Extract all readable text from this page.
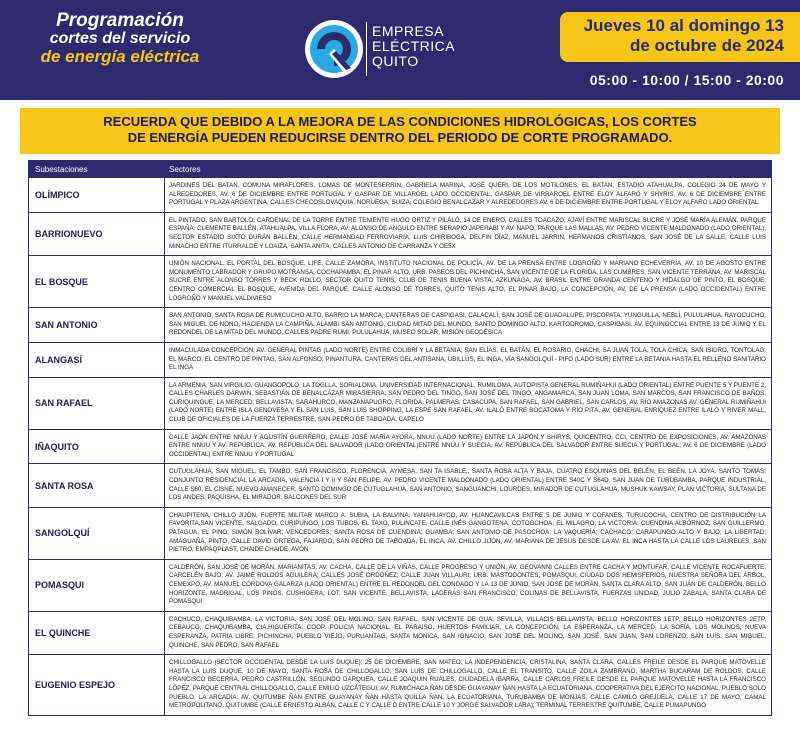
Programación
cortes del servicio
de energía eléctrica
EMPRESA
ELÉCTRICA
QUITO
Jueves 10 al domingo 13
de octubre de 2024
05:00 - 10:00 / 15:00 - 20:00
RECUERDA QUE DEBIDO A LA MEJORA DE LAS CONDICIONES HIDROLÓGICAS, LOS CORTES
DE ENERGÍA PUEDEN REDUCIRSE DENTRO DEL PERIODO DE CORTE PROGRAMADO.
Subestaciones	Sectores
OLÍMPICO
JARDINES DEL BATAN, COMUNA MIRAFLORES, LOMAS DE MONTESERRIN, GABRIELA MARINA, JOSÉ QUERI, DE LOS MOTILONES, EL BATAN, ESTADIO ATAHUALPA, COLEGIO 24 DE MAYO Y ALREDEDORES, AV. 6 DE DICIEMBRE ENTRE PORTUGAL Y GASPAR DE VILLAROEL LADO OCCIDENTAL, GASPAR DE VIRRAROEL ENTRE ELOY ALFARO Y SHYRIS, AV. 6 DE DICIEMBRE ENTRE PORTUGAL Y PLAZA ARGENTINA, CALLES CHECOSLOVAQUIA, NORUEGA, SUIZA, COLEGIO BENALCAZAR Y ALREDEDORES AV. 6 DE DICIEMBRE ENTRE PORTUGAL Y ELOY ALFARO LADO ORIENTAL
BARRIONUEVO
EL PINTADO, SAN BARTOLO, CARDENAL DE LA TORRE ENTRE TENIENTE HUGO ORTIZ Y PILALÓ, 14 DE ENERO, CALLES TOACAZO, AJAVÍ ENTRE MARISCAL SUCRE Y JOSÉ MARÍA ALEMÁN, PARQUE ESPAÑA, CLEMENTE BALLÉN, ATAHUALPA, VILLA FLORA, AV. ALONSO DE ANGULO ENTRE SERAPIO JAPERABI Y AV. NAPO, PARQUE LAS MALLAS, AV. PEDRO VICENTE MALDONADO (LADO ORIENTAL), SECTOR ESTADIO SIXTO DURÁN BALLÉN, CALLE HERMANDAD FERROVIARIA, LUIS CHIRIBOGA, DELFIN DÍAZ, MANUEL JARRIN, HERMANOS CRISTIANOS, SAN JOSÉ DE LA SALLE, CALLE LUIS MINACHO ENTRE ITURRALDE Y LOAIZA, SANTA ANITA, CALLES ANTONIO DE CARRANZA Y OE5X
EL BOSQUE
UNIÓN NACIONAL, EL PORTAL DEL BOSQUE, LIFE, CALLE ZAMORA, INSTITUTO NACIONAL DE POLICÍA, AV. DE LA PRENSA ENTRE LOGROÑO Y MARIANO ECHEVERRÍA, AV. 10 DE AGOSTO ENTRE MONUMENTO LABRADOR Y GRUPO MOTRANSA, COCHAPAMBA, EL PINAR ALTO, URB. PASEOS DEL PICHINCHA, SAN VICENTE DE LA FLORIDA, LAS CUMBRES, SAN VICENTE TERRANA, AV. MARISCAL SUCRE ENTRE ALONSO TORRES Y BECK ROLLO, SECTOR QUITO TENIS, CLUB DE TENIS BUENA VISTA, AZKUNAGA, AV. BRASIL ENTRE GRANDA CENTENO Y HIDALGO DE PINTO, EL BOSQUE, CENTRO COMERCIAL EL BOSQUE, AVENIDA DEL PARQUE, CALLE ALONSO DE TORRES, QUITO TENIS ALTO, EL PINAR BAJO, LA CONCEPCIÓN, AV. DE LA PRENSA (LADO OCCIDENTAL) ENTRE LOGROÑO Y MANUEL VALDIVIESO
SAN ANTONIO
SAN ANTONIO, SANTA ROSA DE RUMICUCHO ALTO, BARRIO LA MARCA, CANTERAS DE CASPIGASI, CALACALÍ, SAN JOSÉ DE GUADALUPE, PISCOPATA, YUNGUILLA, NEBLÍ, PULULAHUA, RAYOCUCHO, SAN MIGUEL DE NONO, HACIENDA LA CAMPIÑA, ALAMBI SAN ANTONIO, CIUDAD MITAD DEL MUNDO, SANTO DOMINGO ALTO, KARTODROMO, CASPIGASI, AV. EQUINOCCIAL ENTRE 13 DE JUNIO Y EL REDONDEL DE LA MITAD DEL MUNDO, CALLES PADRE RUMI, PULULAHUA, MUSEO SOLAR, MISIÓN GEODÉSICA
ALANGASÍ
INMACULADA CONCEPCIÓN, AV. GENERAL PINTAG (LADO NORTE) ENTRE COLIBRÍ Y LA BETANIA, SAN ELÍAS, EL BATÁN, EL ROSARIO, CHACHI, SA JUAN TOLA, TOLA CHICA, SAN ISIDRO, TONTOLAG, EL MARCO, EL CENTRO DE PINTAG, SAN ALFONSO, PINANTURA, CANTERAS DEL ANTISANA, UBILLÚS, EL INGA, VÍA SANGOLQUÍ - PIFO (LADO SUR) ENTRE LA BETANIA HASTA EL RELLENO SANITARIO EL INGA
SAN RAFAEL
LA ARMENIA, SAN VIRGILIO, GUANGOPOLO, LA TOGLLA, SORIALOMA, UNIVERSIDAD INTERNACIONAL, RUMILOMA, AUTOPISTA GENERAL RUMIÑAHUI (LADO ORIENTAL) ENTRE PUENTE 5 Y PUENTE 2, CALLES CHARLES DARWIN, SEBASTIÁN DE BENALCÁZAR MIRASIERRA, SAN PEDRO DEL TINGO, SAN JOSÉ DEL TINGO, ANGAMARCA, SAN JUAN LOMA, SAN MARCOS, SAN FRANCISCO DE BAÑOS, CURIQUINGUE, LA MERCED, BELLAVISTA, SARAHURCO, MANZANAPUGRO, FLORIDA, PALMERAS, CASACUPA, SAN RAFAEL, SAN GABRIEL, SAN CARLOS, AV. RÍO AMAZONAS AV. GENERAL RUMIÑAHUI (LADO NORTE) ENTRE ISLA GENOVESA Y EL SAN LUIS, SAN LUIS SHOPPING, LA ESPE SAN RAFAEL, AV. ILALÓ ENTRE BOCATOMA Y RÍO PITA, AV. GENERAL ENRÍQUEZ ENTRE ILALÓ Y RIVER MALL, CLUB DE OFICIALES DE LA FUERZA TERRESTRE, SAN PEDRO DE TABOADA, CAPELO
IÑAQUITO
CALLE JAÓN ENTRE NNUU Y AGUSTÍN GUERRERO, CALLE JOSÉ MARÍA AYORA, NNUU (LADO NORTE) ENTRE LA JAPÓN Y SHIRYS, QUICENTRO, CCI, CENTRO DE EXPOSICIONES, AV. AMAZONAS ENTRE NNUU Y AV. REPÚBLICA, AV. REPÚBLICA DEL SALVADOR (LADO ORIENTAL)ENTRE NNUU Y SUECIA, AV. REPÚBLICA DEL SALVADOR ENTRE SUECIA Y PORTUGAL, AV. 6 DE DICIEMBRE (LADO OCCIDENTAL) ENTRE NNUU Y PORTUGAL
SANTA ROSA
CUTUGLAHUA, SAN MIGUEL, EL TAMBO, SAN FRANCISCO, FLORENCIA, AYMESA, SAN TA ISABLE,; SANTA ROSA ALTA Y BAJA, CUATRO ESQUINAS DEL BELÉN, EL BEÉN, LA JOYA, SANTO TOMÁS; CONJUNTO RESIDENCIAL LA ARCADIA, VALENCIA I Y II Y SAN FELIPE, AV. PEDRO VICENTE MALDONADO (LADO ORIENTAL) ENTRE S40C Y S64D, SAN JUAN DE TURUBAMBA, PARQUE INDUSTRIAL, CALLE S60, EL CISNE, NUEVO AMANECER, SANTO DOMINGO DE CUTUGLAHUA, SAN ANTONIO, SANGUANCHI, LOURDES, MIRADOR DE CUTUGLAHUA, MUSHUK KAWSAY, PLAN VICTORIA, SULTANA DE LOS ANDES, PAQUISHA, EL MIRADOR, BALCONES DEL SUR
SANGOLQUÍ
CHAUPITENA, CHILLO JIJÓN, FUERTE MILITAR MARCO A. SUBIA, LA BALVINA; YANAHUAYCO, AV. HUANCAVILCAS ENTRE 5 DE JUNIO Y COFANES, TURUCOCHA, CENTRO DE DISTRIBUCIÓN LA FAVORITA,SAN VICENTE, SALGADO, CURIPUNGO, LOS TUBOS, EL TAXO, PULINCATE, CALLE INÉS GANGOTENA, COTOGCHOA; EL MILAGRO; LA VICTORIA; CUENDINA ALBORNOZ; SAN GUILLERMO; PATAGUA; EL PINO; SIMÓN BOLÍVAR; VENCEDORES; SANTA ROSA DE CUENDINA; GUAMBA; SAN ANTONIO DE PASOCHOA; LA VAQUERÍA; CACHACO; CARAPUNGO ALTO Y BAJO; LA LIBERTAD; AMAGUAÑA, PINTO, CALLE DAVID ORTEGA, FAJARDO, SAN PEDRO DE TABOADA, EL INCA, AV. CHILLO JIJÓN, AV. MARIANA DE JESUS DESDE LA AV. EL INCA HASTA LA CALLE LOS LAURELES, SAN PIETRO, EMPAQPLAST, CHAIDE CHAIDE, AVÓN
POMASQUI
CALDERÓN, SAN JOSÉ DE MORÁN, MARIANITAS, AV. CACHA, CALLE DE LA VIÑAS, CALLE PROGRESO Y UNIÓN, AV. GEOVANNI CALLES ENTRE CACHA Y MONTUFAR, CALLE VICENTE ROCAFUERTE, CARCELÉN BAJO; AV. JAIME ROLDÓS AGUILERA; CALLES JOSÉ ORDÓÑEZ; CALLE JUAN VILLAURI; URB. MASTODONTES, POMASQUI, CIUDAD DOS HEMISFERIOS, NUESTRA SEÑORA DEL ÁRBOL, CEMEXPO, AV. MANUEL CÓRDOVA GALARZA (LADO ORIENTAL) ENTRE EL REDONDEL DEL CONDADO Y LA 13 DE JUNIO, SAN JOSÉ DE MORÁN, SANTA CLARA ALTO, SAN JUÁN DE CALDERÓN, BELLO HORIZONTE, MADRIGAL, LOS PINOS, CUSHIGERA, LOT. SAN VICENTE, BELLAVISTA, LADERAS SAN FRANCISCO, COLINAS DE BELLAVISTA, FUERZAS UNIDAD, JULIO ZABALA, SANTA CLARA DE POMASQUI
EL QUINCHE
CACHUCO, CHAQUIBAMBA, LA VICTORIA, SAN JOSÉ DEL MOLINO, SAN RAFAEL, SAN VICENTE DE GUA, SEVILLA, VILLACIS BELLAVISTA, BELLO HORIZONTES 1ETP, BELLO HORIZONTES 2ETP, CEBAUCO, CHAQUIBAMBA, CIA.HIGUERITA, COOP. POLICIA NACIONAL, EL PARAISO, HUERTOS FAMILIAR, LA CONCEPCIÓN, LA ESPERANZA, LA MERCED, LA SOFÍA, LOS MOLINOS, NUEVA ESPERANZA, PATRIA LIBRE, PICHINCHA, PUEBLO VIEJO, PURUANTAG, SANTA MONICA, SAN IGNACIO, SAN JOSÉ DEL MOLINO, SAN JOSÉ, SAN JUAN, SAN LORENZO, SAN LUIS, SAN MIGUEL, QUINCHE, SAN PEDRO, SAN RAFAEL
EUGENIO ESPEJO
CHILLOGALLO (SECTOR OCCIDENTAL DESDE LA LUIS DUQUE); 25 DE DICIEMBRE, SAN MATEO, LA INDEPENDENCIA, CRISTALINA, SANTA CLARA, CALLES FREILE DESDE EL PARQUE MATOVELLE HASTA LA LUIS DUQUE, 10 DE MAYO, SANTA ROSA DE CHILLOGALLO, SAN LUIS DE CHILLOGALLO, CALLE EL TRANSITO, CALLE ZOILA ZAMBRANO, MARTHA BUCARAM DE ROLDOS, CALLE FRANCISCO BECERRA, PEDRO CASTRILLÓN, SEGUNDO DARQUEA, CALLE JOAQUIN RUALES, CIUDADELA IBARRA, CALLE CARLOS FREILE DESDE EL PARQUE MATOVELLE HASTA LA FRANCISCO LÓPEZ, PARQUE CENTRAL CHILLOGALLO, CALLE EMILIO UZCÁTEGUI, AV. RUMICHACA ÑAN DESDE GUAYANAY ÑAN HASTA LA ECUATORIANA, COOPERATIVA DEL EJÉRCITO NACIONAL, PUEBLO SOLO PUEBLO, LA ARCADIA, AV. QUITUMBE ÑAN ENTRE GUAYANAY ÑAN HASTA QUILLA ÑAN, LA ECUATORIANA, TURUBAMBA DE MONJAS, CALLE CAMILO OREJUELA, CALLE 17 DE MAYO, CAMAL METROPOLITANO, QUITUMBE (CALLE ERNESTO ALBÁN, CALLE C Y CALLE D ENTRE CALLE 10 Y JORGE SALVADOR LARA); TERMINAL TERRESTRE QUITUMBE, CALLE PUMAPUNGO
